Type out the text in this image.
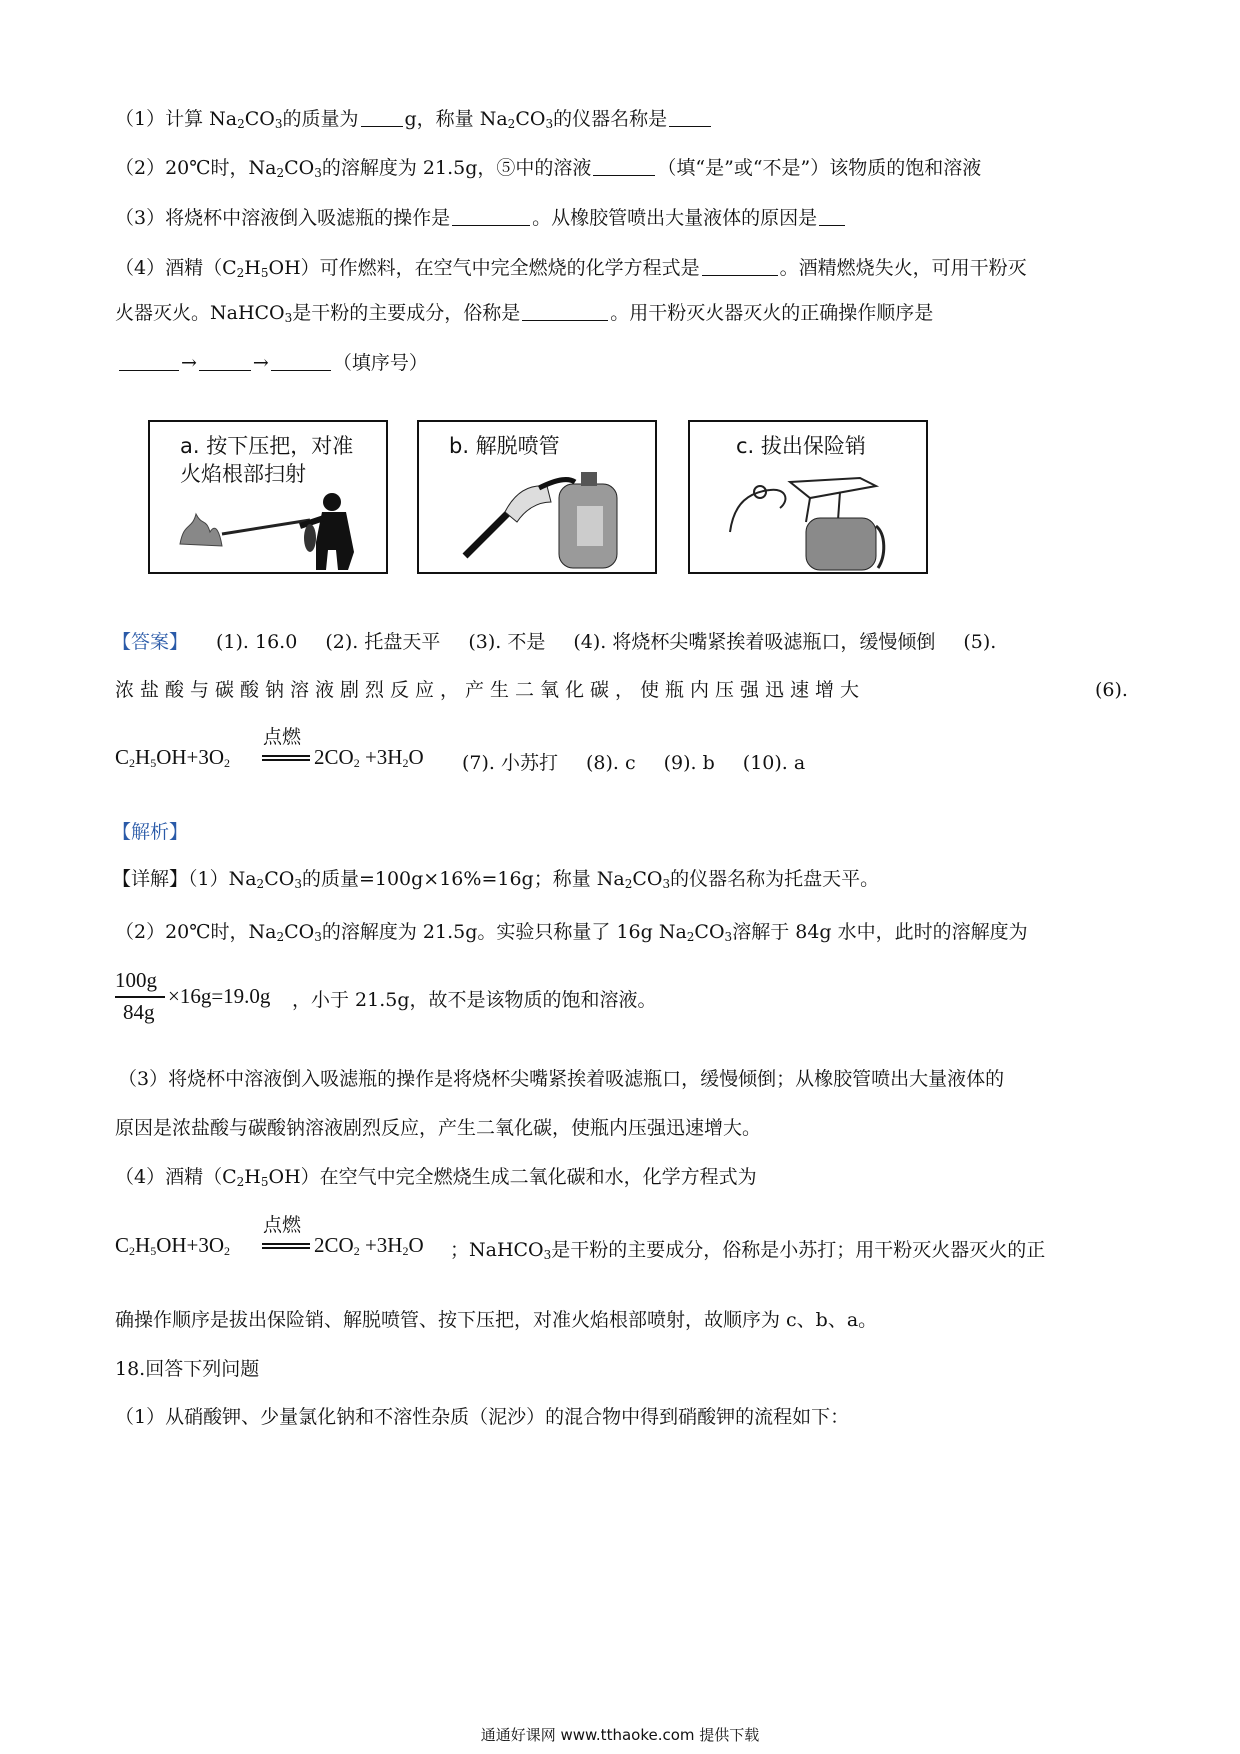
（1）计算 $Na_2CO_3$的质量为 g，称量 $Na_2CO_3$的仪器名称是
（2）20℃时，$Na_2CO_3$的溶解度为 21.5g，⑤中的溶液	（填“是”或“不是”）该物质的饱和溶液
（3）将烧杯中溶液倒入吸滤瓶的操作是	。从橡胶管喷出大量液体的原因是
（4）酒精$(C_2H_5OH)$可作燃料，在空气中完全燃烧的化学方程式是	。酒精燃烧失火，可用干粉灭
火器灭火。NaHCO$_3$是干粉的主要成分，俗称是	。用干粉灭火器灭火的正确操作顺序是
→	→	（填序号）
a. 按下压把，对准火焰根部扫射
b. 解脱喷管	c. 拔出保险销
【答案】 (1). 16.0 (2). 托盘天平 (3). 不是 (4). 将烧杯尖嘴紧挨着吸滤瓶口，缓慢倾倒 (5).
浓盐酸与碳酸钠溶液剧烈反应，产生二氧化碳，使瓶内压强迅速增大	(6).
$C_2H_5OH+3O_2$
点燃
$2CO_2 +3H_2O$ (7). 小苏打 (8). c (9). b (10). a
【解析】
【详解】$(1)Na_2CO_3$的质量=100g×16%=16g；称量 $Na_2CO_3$的仪器名称为托盘天平。
（2）20℃时，$Na_2CO_3$的溶解度为 21.5g。实验只称量了 16g $Na_2CO_3$溶解于 84g 水中，此时的溶解度为
100g
84g
×16g=19.0g ，小于 21.5g，故不是该物质的饱和溶液。
（3）将烧杯中溶液倒入吸滤瓶的操作是将烧杯尖嘴紧挨着吸滤瓶口，缓慢倾倒；从橡胶管喷出大量液体的
原因是浓盐酸与碳酸钠溶液剧烈反应，产生二氧化碳，使瓶内压强迅速增大。
（4）酒精$(C_2H_5OH)$在空气中完全燃烧生成二氧化碳和水，化学方程式为
$C_2H_5OH+3O_2$
点燃
$2CO_2 +3H_2O$ ；NaHCO$_3$是干粉的主要成分，俗称是小苏打；用干粉灭火器灭火的正
确操作顺序是拔出保险销、解脱喷管、按下压把，对准火焰根部喷射，故顺序为 c、b、a。
18.回答下列问题
（1）从硝酸钾、少量氯化钠和不溶性杂质（泥沙）的混合物中得到硝酸钾的流程如下：
通通好课网 www.tthaoke.com 提供下载
